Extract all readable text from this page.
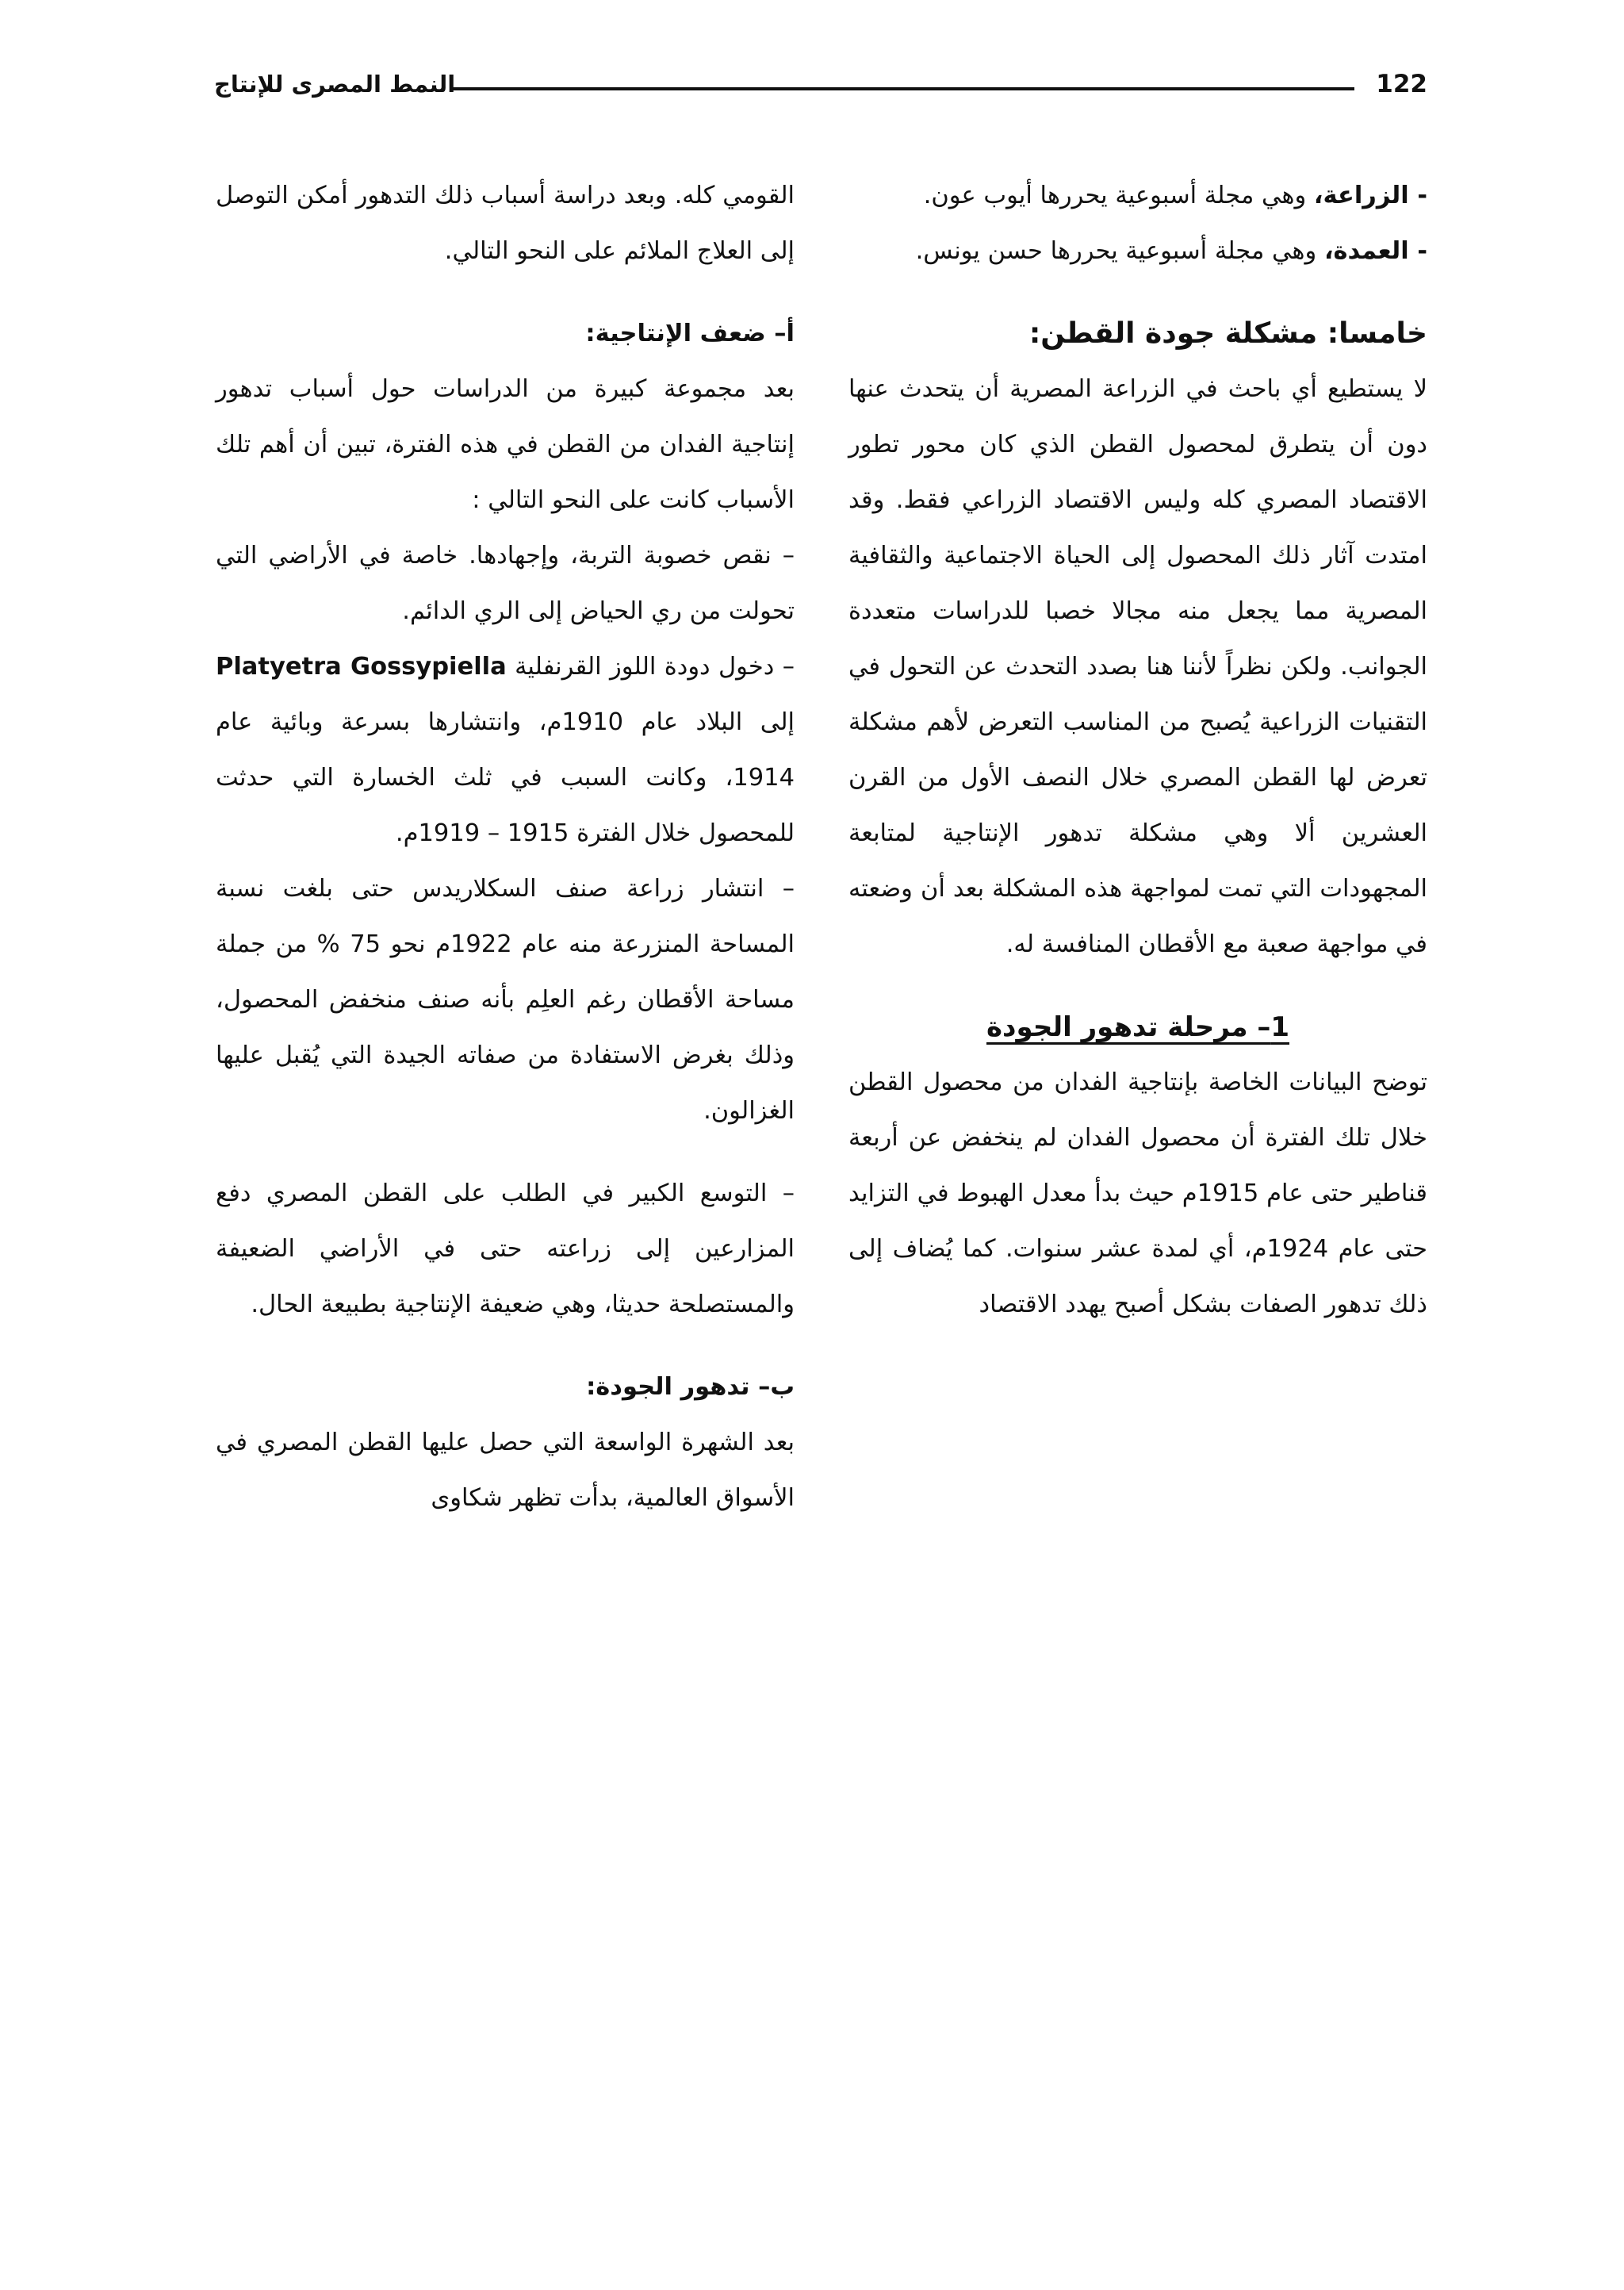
النمط المصرى للإنتاج	122

- الزراعة، وهي مجلة أسبوعية يحررها أيوب عون.

- العمدة، وهي مجلة أسبوعية يحررها حسن يونس.

خامسا: مشكلة جودة القطن:

لا يستطيع أي باحث في الزراعة المصرية أن يتحدث عنها دون أن يتطرق لمحصول القطن الذي كان محور تطور الاقتصاد المصري كله وليس الاقتصاد الزراعي فقط. وقد امتدت آثار ذلك المحصول إلى الحياة الاجتماعية والثقافية المصرية مما يجعل منه مجالا خصبا للدراسات متعددة الجوانب. ولكن نظراً لأننا هنا بصدد التحدث عن التحول في التقنيات الزراعية يُصبح من المناسب التعرض لأهم مشكلة تعرض لها القطن المصري خلال النصف الأول من القرن العشرين ألا وهي مشكلة تدهور الإنتاجية لمتابعة المجهودات التي تمت لمواجهة هذه المشكلة بعد أن وضعته في مواجهة صعبة مع الأقطان المنافسة له.

1– مرحلة تدهور الجودة

توضح البيانات الخاصة بإنتاجية الفدان من محصول القطن خلال تلك الفترة أن محصول الفدان لم ينخفض عن أربعة قناطير حتى عام 1915م حيث بدأ معدل الهبوط في التزايد حتى عام 1924م، أي لمدة عشر سنوات. كما يُضاف إلى ذلك تدهور الصفات بشكل أصبح يهدد الاقتصاد

القومي كله. وبعد دراسة أسباب ذلك التدهور أمكن التوصل إلى العلاج الملائم على النحو التالي.

أ– ضعف الإنتاجية:

بعد مجموعة كبيرة من الدراسات حول أسباب تدهور إنتاجية الفدان من القطن في هذه الفترة، تبين أن أهم تلك الأسباب كانت على النحو التالي :

– نقص خصوبة التربة، وإجهادها. خاصة في الأراضي التي تحولت من ري الحياض إلى الري الدائم.

– دخول دودة اللوز القرنفلية Platyetra Gossypiella إلى البلاد عام 1910م، وانتشارها بسرعة وبائية عام 1914، وكانت السبب في ثلث الخسارة التي حدثت للمحصول خلال الفترة 1915 – 1919م.

– انتشار زراعة صنف السكلاريدس حتى بلغت نسبة المساحة المنزرعة منه عام 1922م نحو 75 % من جملة مساحة الأقطان رغم العلِم بأنه صنف منخفض المحصول، وذلك بغرض الاستفادة من صفاته الجيدة التي يُقبل عليها الغزالون.

– التوسع الكبير في الطلب على القطن المصري دفع المزارعين إلى زراعته حتى في الأراضي الضعيفة والمستصلحة حديثا، وهي ضعيفة الإنتاجية بطبيعة الحال.

ب– تدهور الجودة:

بعد الشهرة الواسعة التي حصل عليها القطن المصري في الأسواق العالمية، بدأت تظهر شكاوى
